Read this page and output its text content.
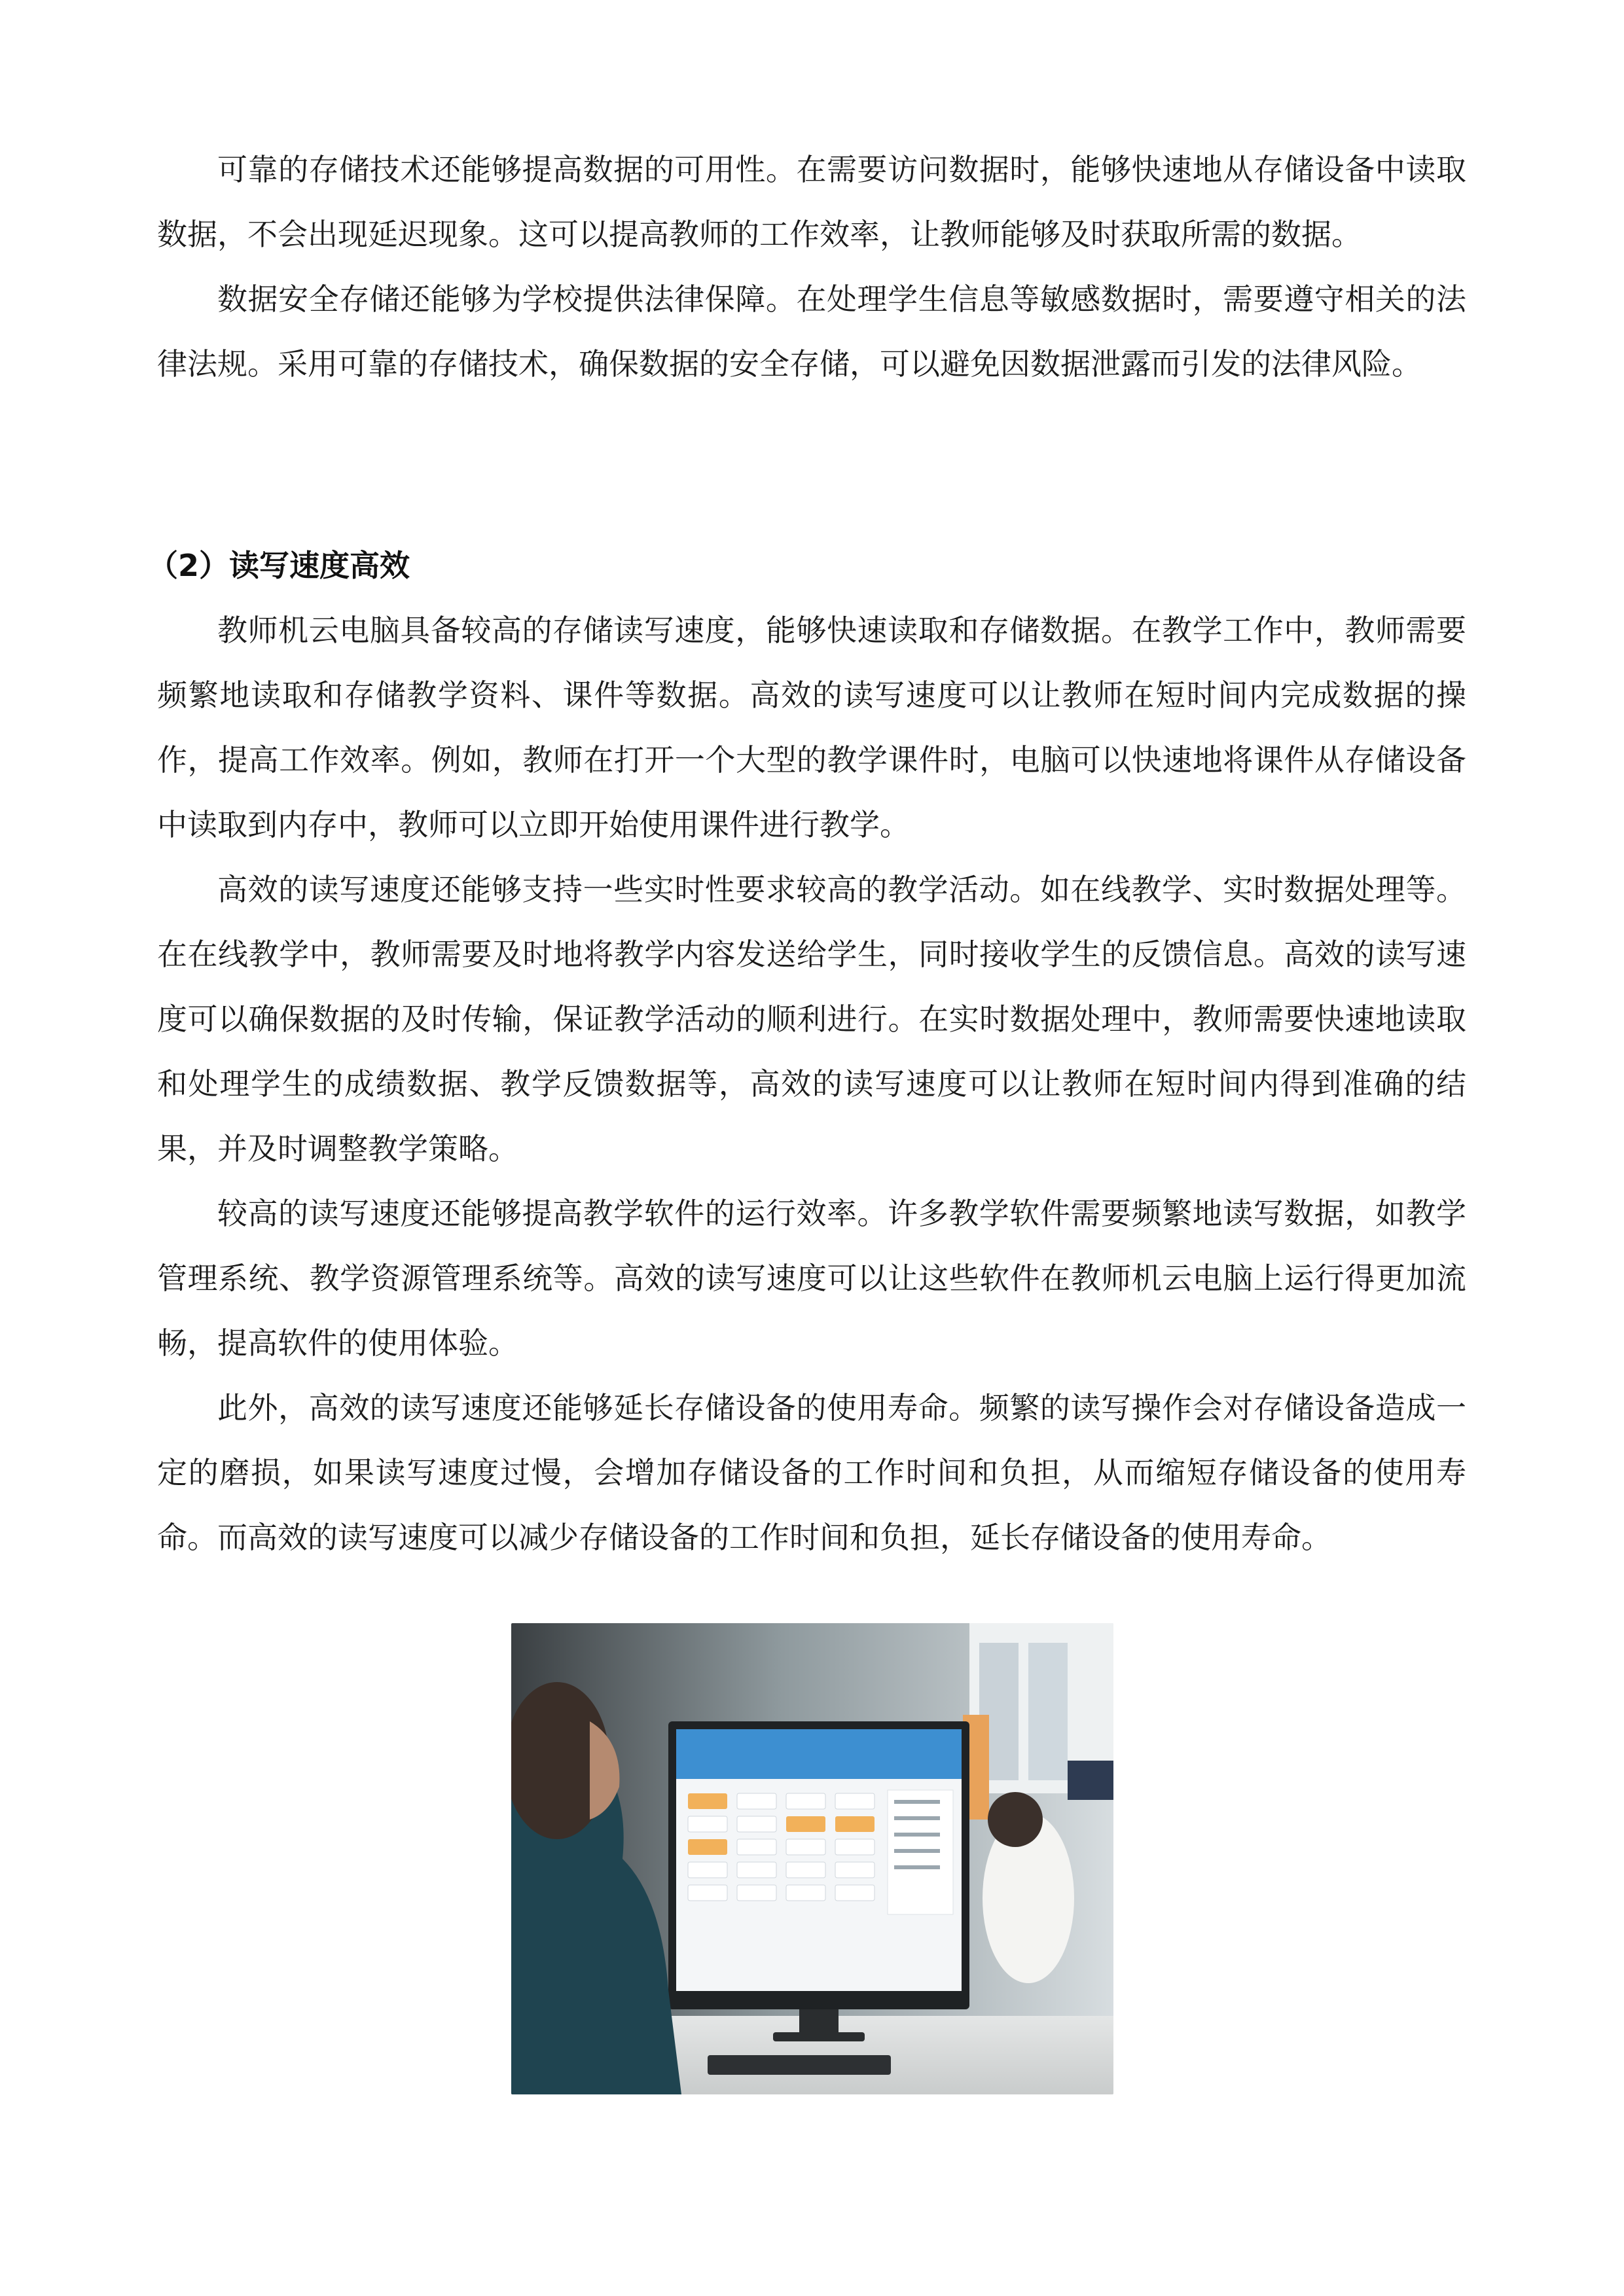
可靠的存储技术还能够提高数据的可用性。在需要访问数据时，能够快速地从存储设备中读取数据，不会出现延迟现象。这可以提高教师的工作效率，让教师能够及时获取所需的数据。

数据安全存储还能够为学校提供法律保障。在处理学生信息等敏感数据时，需要遵守相关的法律法规。采用可靠的存储技术，确保数据的安全存储，可以避免因数据泄露而引发的法律风险。

（2）读写速度高效

教师机云电脑具备较高的存储读写速度，能够快速读取和存储数据。在教学工作中，教师需要频繁地读取和存储教学资料、课件等数据。高效的读写速度可以让教师在短时间内完成数据的操作，提高工作效率。例如，教师在打开一个大型的教学课件时，电脑可以快速地将课件从存储设备中读取到内存中，教师可以立即开始使用课件进行教学。

高效的读写速度还能够支持一些实时性要求较高的教学活动。如在线教学、实时数据处理等。在在线教学中，教师需要及时地将教学内容发送给学生，同时接收学生的反馈信息。高效的读写速度可以确保数据的及时传输，保证教学活动的顺利进行。在实时数据处理中，教师需要快速地读取和处理学生的成绩数据、教学反馈数据等，高效的读写速度可以让教师在短时间内得到准确的结果，并及时调整教学策略。

较高的读写速度还能够提高教学软件的运行效率。许多教学软件需要频繁地读写数据，如教学管理系统、教学资源管理系统等。高效的读写速度可以让这些软件在教师机云电脑上运行得更加流畅，提高软件的使用体验。

此外，高效的读写速度还能够延长存储设备的使用寿命。频繁的读写操作会对存储设备造成一定的磨损，如果读写速度过慢，会增加存储设备的工作时间和负担，从而缩短存储设备的使用寿命。而高效的读写速度可以减少存储设备的工作时间和负担，延长存储设备的使用寿命。
